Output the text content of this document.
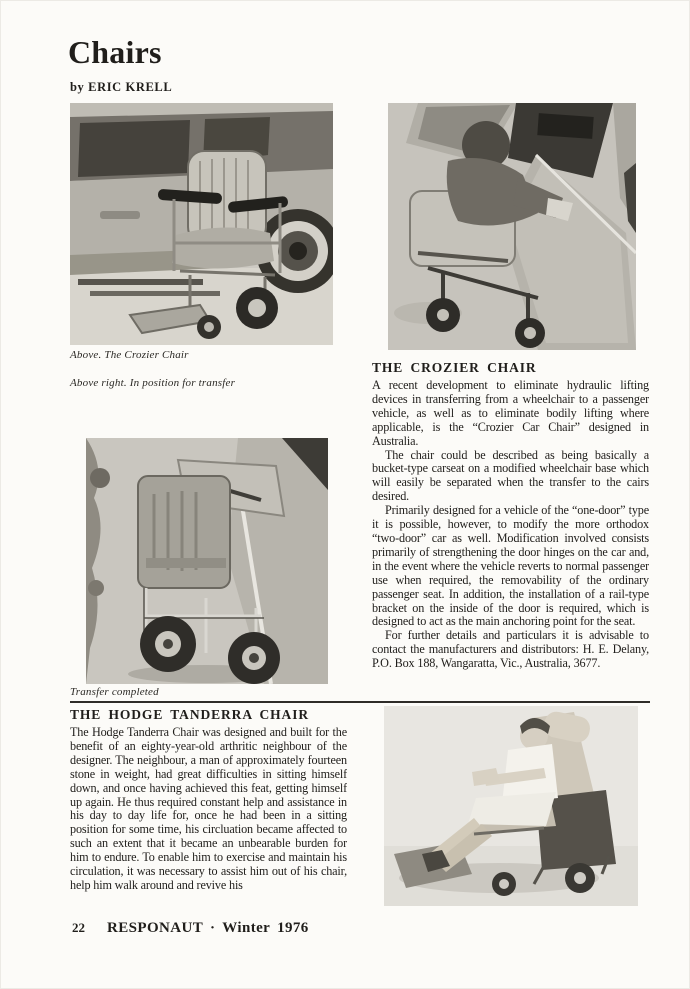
Chairs
by ERIC KRELL
Above. The Crozier Chair
Above right. In position for transfer
Transfer completed
THE CROZIER CHAIR

A recent development to eliminate hydraulic lifting devices in transferring from a wheelchair to a passenger vehicle, as well as to eliminate bodily lifting where applicable, is the “Crozier Car Chair” designed in Australia.

The chair could be described as being basically a bucket-type carseat on a modified wheelchair base which will easily be separated when the transfer to the cairs desired.

Primarily designed for a vehicle of the “one-door” type it is possible, however, to modify the more orthodox “two-door” car as well. Modification involved consists primarily of strengthening the door hinges on the car and, in the event where the vehicle reverts to normal passenger use when required, the removability of the ordinary passenger seat. In addition, the installation of a rail-type bracket on the inside of the door is required, which is designed to act as the main anchoring point for the seat.

For further details and particulars it is advisable to contact the manufacturers and distributors: H. E. Delany, P.O. Box 188, Wangaratta, Vic., Australia, 3677.

THE HODGE TANDERRA CHAIR

The Hodge Tanderra Chair was designed and built for the benefit of an eighty-year-old arthritic neighbour of the designer. The neighbour, a man of approximately fourteen stone in weight, had great difficulties in sitting himself down, and once having achieved this feat, getting himself up again. He thus required constant help and assistance in his day to day life for, once he had been in a sitting position for some time, his circluation became affected to such an extent that it became an unbearable burden for him to endure. To enable him to exercise and maintain his circulation, it was necessary to assist him out of his chair, help him walk around and revive his

22 RESPONAUT · Winter 1976
